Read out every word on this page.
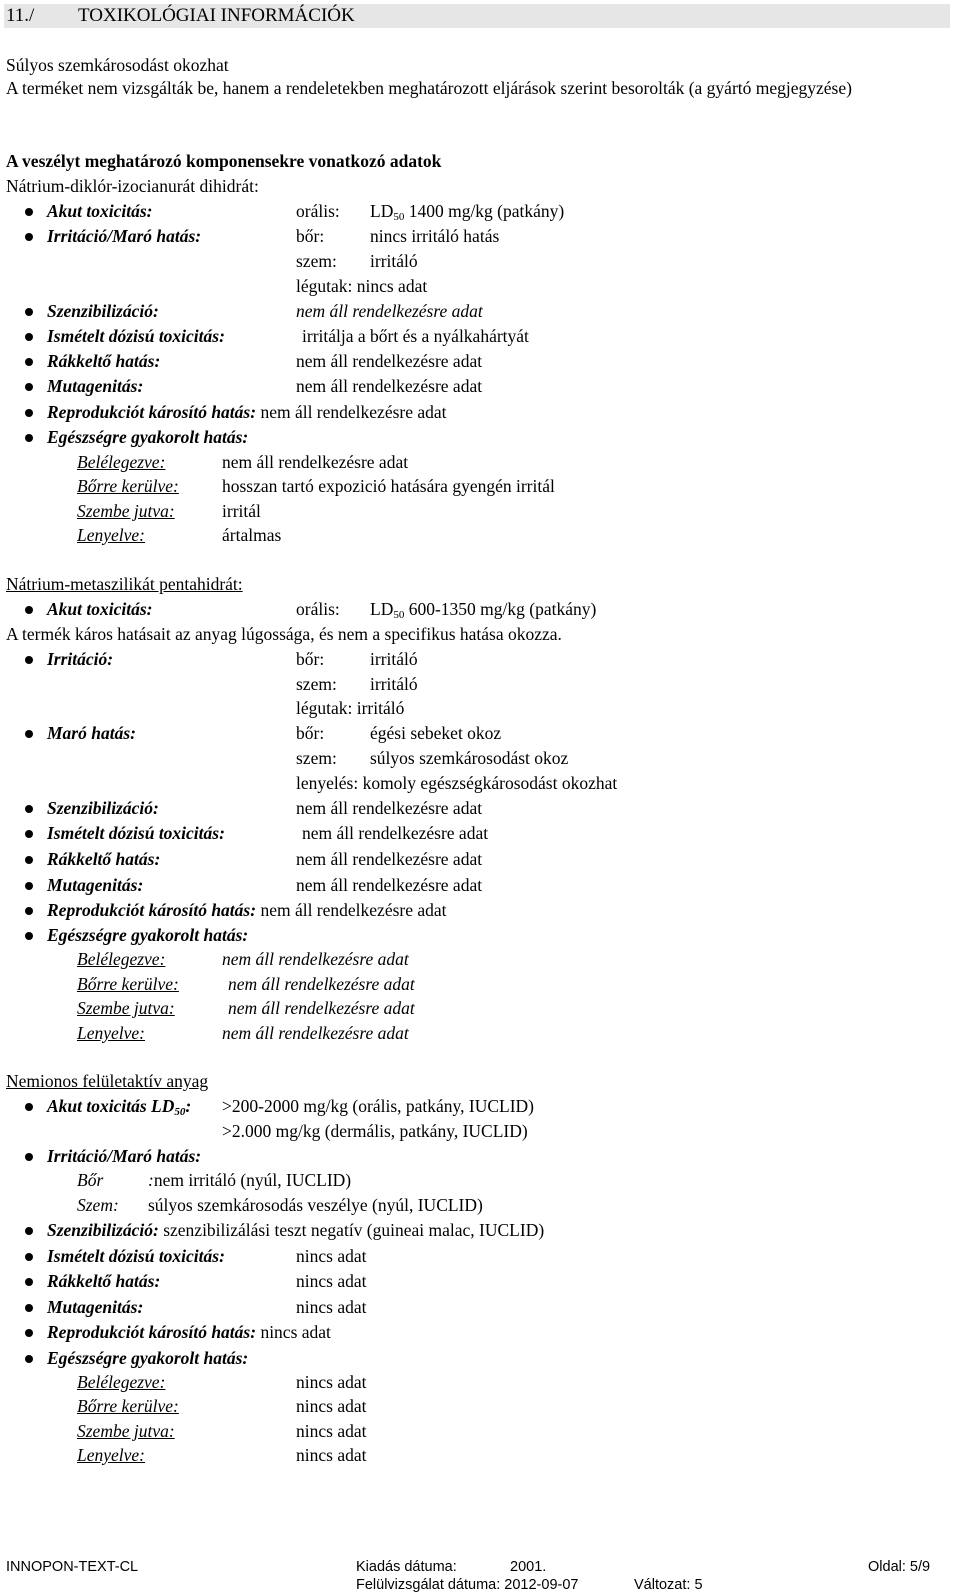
11./ TOXIKOLÓGIAI INFORMÁCIÓK
Súlyos szemkárosodást okozhat
A terméket nem vizsgálták be, hanem a rendeletekben meghatározott eljárások szerint besorolták (a gyártó megjegyzése)
A veszélyt meghatározó komponensekre vonatkozó adatok
Nátrium-diklór-izocianurát dihidrát:
Akut toxicitás:	orális: $LD_{50}$ 1400 mg/kg (patkány)
Irritáció/Maró hatás:	bőr:	nincs irritáló hatás
szem: irritáló
légutak: nincs adat
Szenzibilizáció:	nem áll rendelkezésre adat
Ismételt dózisú toxicitás:	irritálja a bőrt és a nyálkahártyát
Rákkeltő hatás:	nem áll rendelkezésre adat
Mutagenitás:	nem áll rendelkezésre adat
Reprodukciót károsító hatás: nem áll rendelkezésre adat
Egészségre gyakorolt hatás:
Belélegezve:	nem áll rendelkezésre adat
Bőrre kerülve: hosszan tartó expozició hatására gyengén irritál
Szembe jutva:	irritál
Lenyelve:	ártalmas
Nátrium-metaszilikát pentahidrát:
Akut toxicitás:	orális: $LD_{50}$ 600-1350 mg/kg (patkány)
A termék káros hatásait az anyag lúgossága, és nem a specifikus hatása okozza.
Irritáció:	bőr:	irritáló
szem: irritáló
légutak: irritáló
Maró hatás:	bőr:	égési sebeket okoz
szem: súlyos szemkárosodást okoz
lenyelés: komoly egészségkárosodást okozhat
Szenzibilizáció:	nem áll rendelkezésre adat
Ismételt dózisú toxicitás:	nem áll rendelkezésre adat
Rákkeltő hatás:	nem áll rendelkezésre adat
Mutagenitás:	nem áll rendelkezésre adat
Reprodukciót károsító hatás: nem áll rendelkezésre adat
Egészségre gyakorolt hatás:
Belélegezve:	nem áll rendelkezésre adat
Bőrre kerülve:	nem áll rendelkezésre adat
Szembe jutva:	nem áll rendelkezésre adat
Lenyelve:	nem áll rendelkezésre adat
Nemionos felületaktív anyag
Akut toxicitás $LD_{50}$: >200-2000 mg/kg (orális, patkány, IUCLID)
>2.000 mg/kg (dermális, patkány, IUCLID)
Irritáció/Maró hatás:
Bőr	:nem irritáló (nyúl, IUCLID)
Szem: súlyos szemkárosodás veszélye (nyúl, IUCLID)
Szenzibilizáció: szenzibilizálási teszt negatív (guineai malac, IUCLID)
Ismételt dózisú toxicitás:	nincs adat
Rákkeltő hatás:	nincs adat
Mutagenitás:	nincs adat
Reprodukciót károsító hatás: nincs adat
Egészségre gyakorolt hatás:
Belélegezve:	nincs adat
Bőrre kerülve:	nincs adat
Szembe jutva:	nincs adat
Lenyelve:	nincs adat
INNOPON-TEXT-CL	Kiadás dátuma:	2001.	Oldal: 5/9
Felülvizsgálat dátuma: 2012-09-07	Változat: 5
